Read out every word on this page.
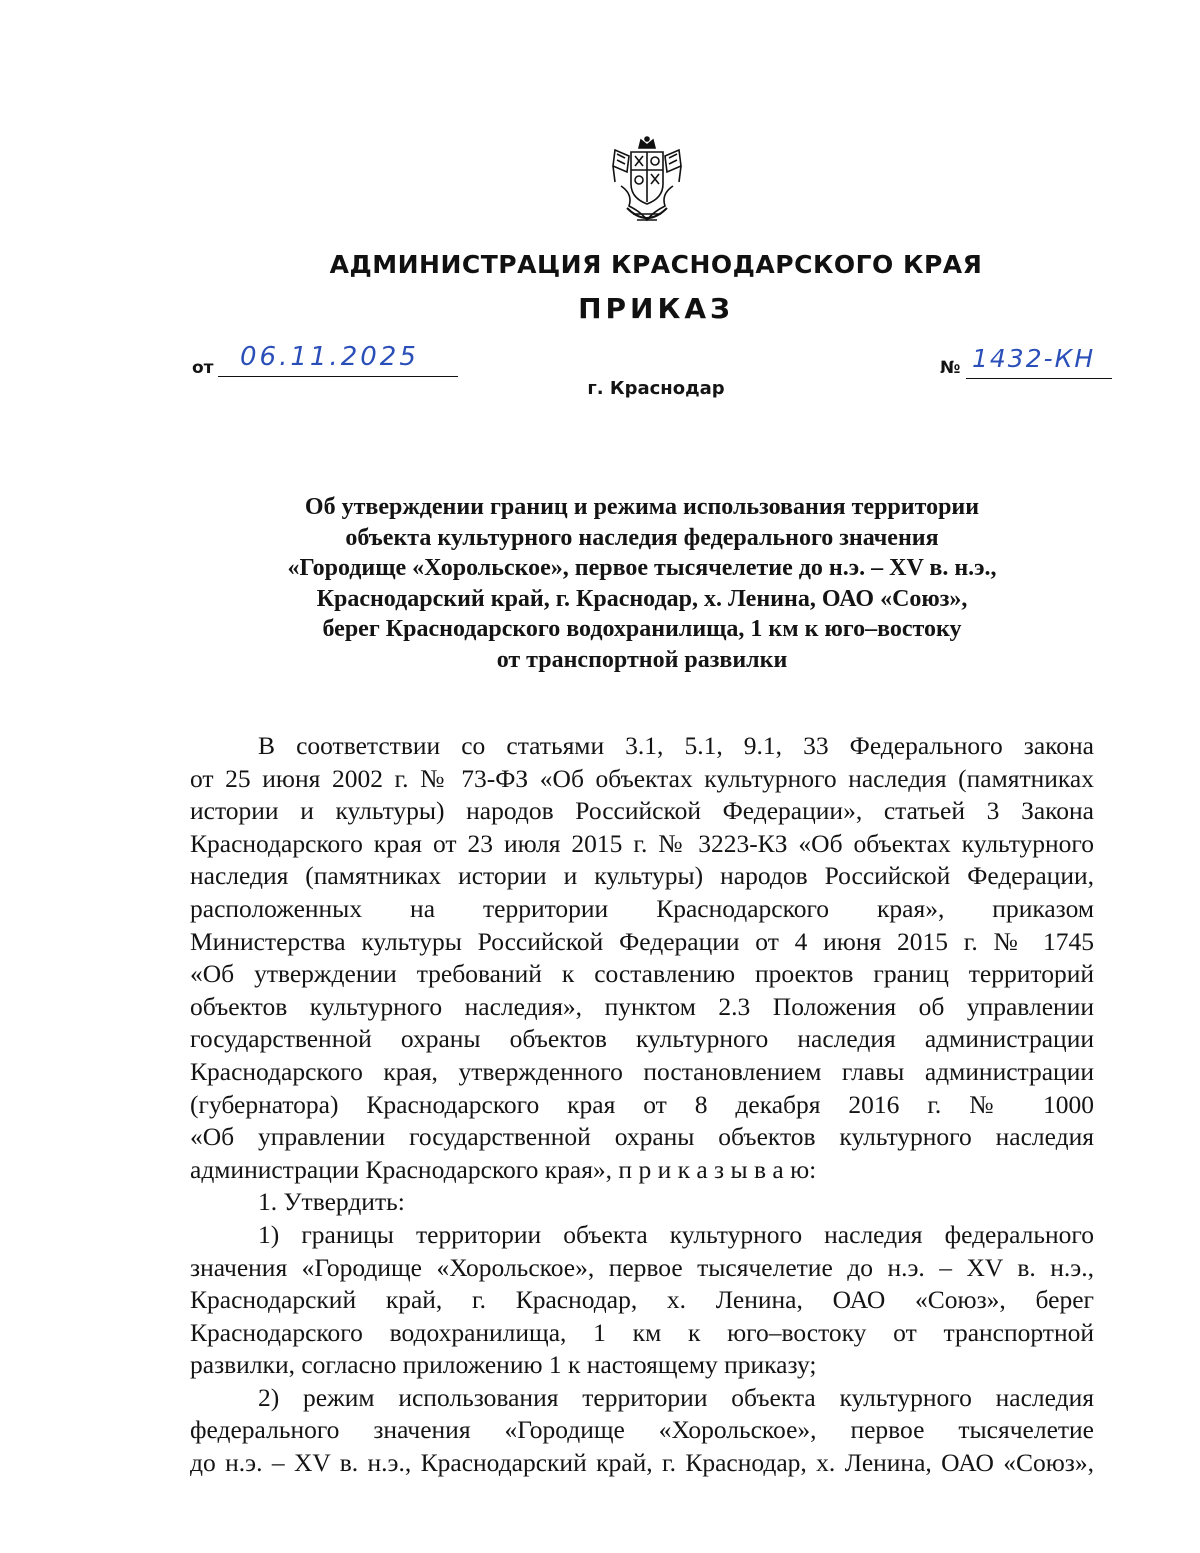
АДМИНИСТРАЦИЯ КРАСНОДАРСКОГО КРАЯ
ПРИКАЗ
от 06.11.2025	№ 1432-КН
г. Краснодар
Об утверждении границ и режима использования территории
объекта культурного наследия федерального значения
«Городище «Хорольское», первое тысячелетие до н.э. – XV в. н.э.,
Краснодарский край, г. Краснодар, х. Ленина, ОАО «Союз»,
берег Краснодарского водохранилища, 1 км к юго–востоку
от транспортной развилки
В соответствии со статьями 3.1, 5.1, 9.1, 33 Федерального закона
от 25 июня 2002 г. № 73-ФЗ «Об объектах культурного наследия (памятниках
истории и культуры) народов Российской Федерации», статьей 3 Закона
Краснодарского края от 23 июля 2015 г. № 3223-КЗ «Об объектах культурного
наследия (памятниках истории и культуры) народов Российской Федерации,
расположенных на территории Краснодарского края», приказом
Министерства культуры Российской Федерации от 4 июня 2015 г. № 1745
«Об утверждении требований к составлению проектов границ территорий
объектов культурного наследия», пунктом 2.3 Положения об управлении
государственной охраны объектов культурного наследия администрации
Краснодарского края, утвержденного постановлением главы администрации
(губернатора) Краснодарского края от 8 декабря 2016 г. № 1000
«Об управлении государственной охраны объектов культурного наследия
администрации Краснодарского края», п р и к а з ы в а ю:
1. Утвердить:
1) границы территории объекта культурного наследия федерального
значения «Городище «Хорольское», первое тысячелетие до н.э. – XV в. н.э.,
Краснодарский край, г. Краснодар, х. Ленина, ОАО «Союз», берег
Краснодарского водохранилища, 1 км к юго–востоку от транспортной
развилки, согласно приложению 1 к настоящему приказу;
2) режим использования территории объекта культурного наследия
федерального значения «Городище «Хорольское», первое тысячелетие
до н.э. – XV в. н.э., Краснодарский край, г. Краснодар, х. Ленина, ОАО «Союз»,
